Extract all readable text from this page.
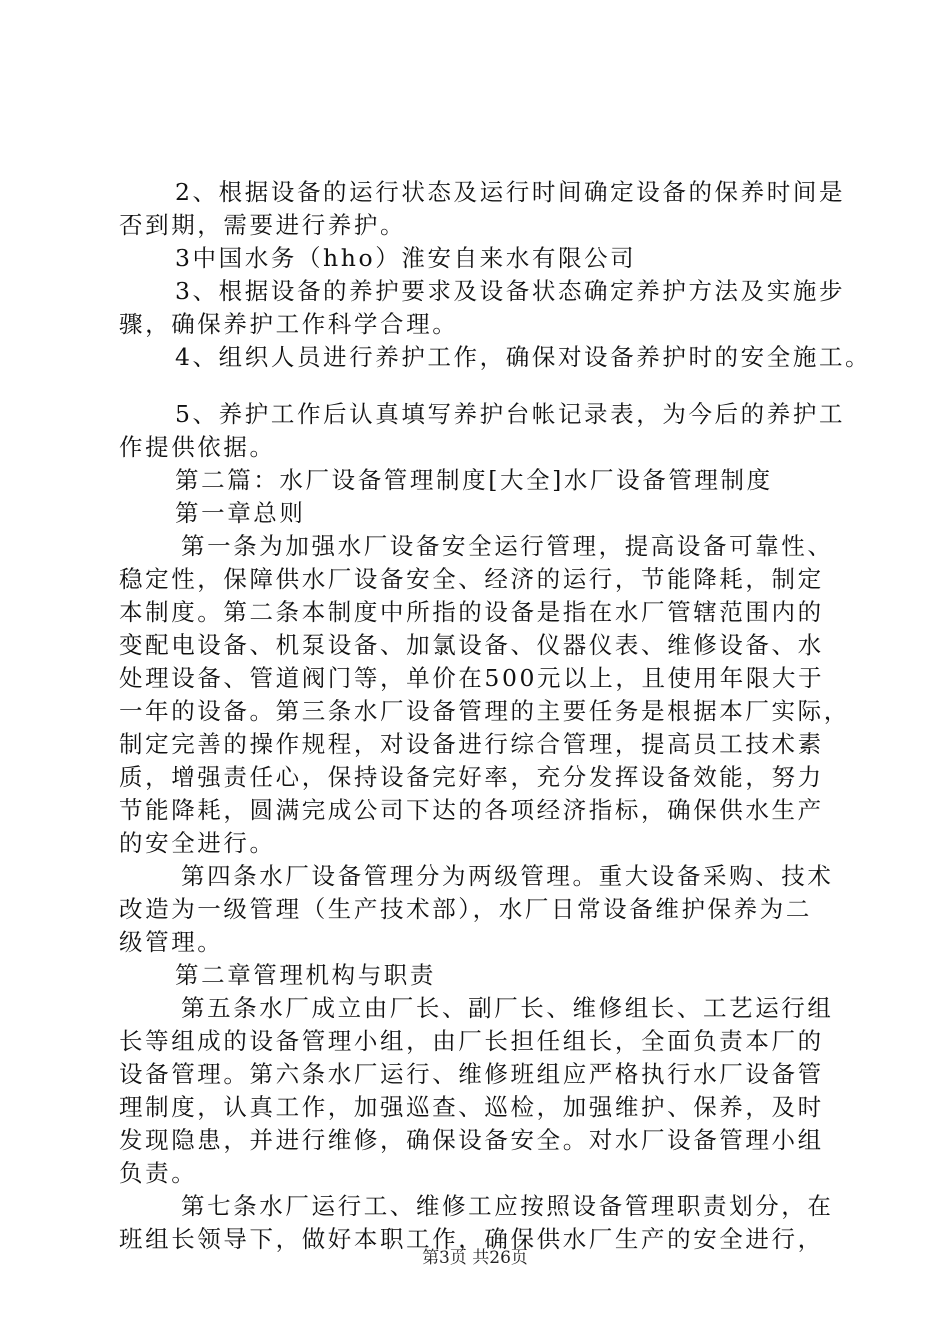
2、根据设备的运行状态及运行时间确定设备的保养时间是
否到期，需要进行养护。
3中国水务（hho）淮安自来水有限公司
3、根据设备的养护要求及设备状态确定养护方法及实施步
骤，确保养护工作科学合理。
4、组织人员进行养护工作，确保对设备养护时的安全施工。
5、养护工作后认真填写养护台帐记录表，为今后的养护工
作提供依据。
第二篇：水厂设备管理制度[大全]水厂设备管理制度
第一章总则
第一条为加强水厂设备安全运行管理，提高设备可靠性、
稳定性，保障供水厂设备安全、经济的运行，节能降耗，制定
本制度。第二条本制度中所指的设备是指在水厂管辖范围内的
变配电设备、机泵设备、加氯设备、仪器仪表、维修设备、水
处理设备、管道阀门等，单价在500元以上，且使用年限大于
一年的设备。第三条水厂设备管理的主要任务是根据本厂实际，
制定完善的操作规程，对设备进行综合管理，提高员工技术素
质，增强责任心，保持设备完好率，充分发挥设备效能，努力
节能降耗，圆满完成公司下达的各项经济指标，确保供水生产
的安全进行。
第四条水厂设备管理分为两级管理。重大设备采购、技术
改造为一级管理（生产技术部），水厂日常设备维护保养为二
级管理。
第二章管理机构与职责
第五条水厂成立由厂长、副厂长、维修组长、工艺运行组
长等组成的设备管理小组，由厂长担任组长，全面负责本厂的
设备管理。第六条水厂运行、维修班组应严格执行水厂设备管
理制度，认真工作，加强巡查、巡检，加强维护、保养，及时
发现隐患，并进行维修，确保设备安全。对水厂设备管理小组
负责。
第七条水厂运行工、维修工应按照设备管理职责划分，在
班组长领导下，做好本职工作，确保供水厂生产的安全进行，
第3页 共26页
